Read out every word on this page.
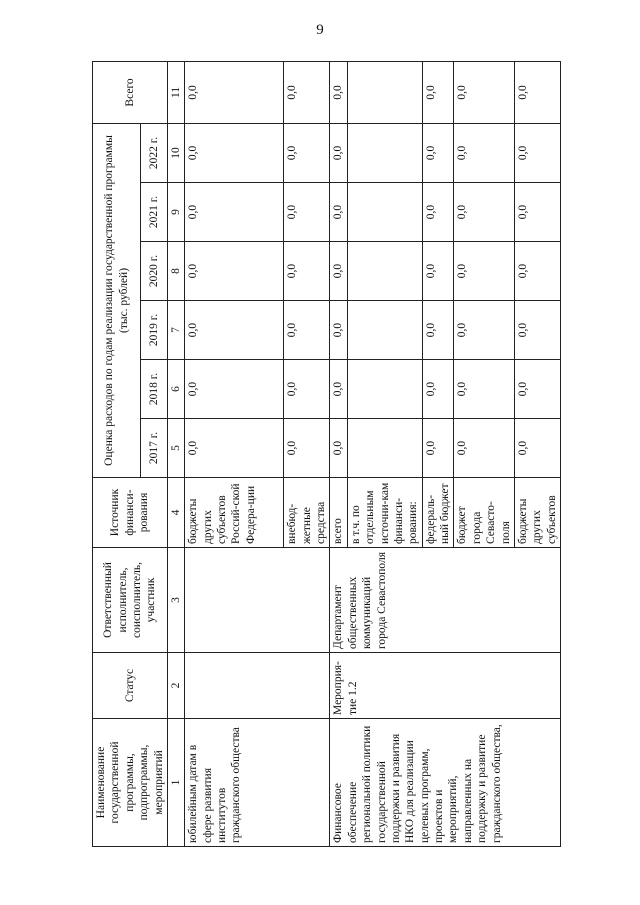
9
Наименование государственной программы, подпрограммы, мероприятий	Статус	Ответственный исполнитель, соисполнитель, участник	Источник финанси-рования	Оценка расходов по годам реализации государственной программы (тыс. рублей)						Всего
				2017 г.	2018 г.	2019 г.	2020 г.	2021 г.	2022 г.	
1	2	3	4	5	6	7	8	9	10	11
юбилейным датам в сфере развития институтов гражданского общества			бюджеты других субъектов Россий-ской Федера-ции	0,0	0,0	0,0	0,0	0,0	0,0	0,0
			внебюд-жетные средства	0,0	0,0	0,0	0,0	0,0	0,0	0,0
Финансовое обеспечение региональной политики государственной поддержки и развития НКО для реализации целевых программ, проектов и мероприятий, направленных на поддержку и развитие гражданского общества,	Мероприя-тие 1.2	Департамент общественных коммуникаций города Севастополя	всего	0,0	0,0	0,0	0,0	0,0	0,0	0,0
			в т.ч. по отдельным источни-кам финанси-рования:							
			федераль-ный бюджет	0,0	0,0	0,0	0,0	0,0	0,0	0,0
			бюджет города Севасто-поля	0,0	0,0	0,0	0,0	0,0	0,0	0,0
			бюджеты других субъектов	0,0	0,0	0,0	0,0	0,0	0,0	0,0
